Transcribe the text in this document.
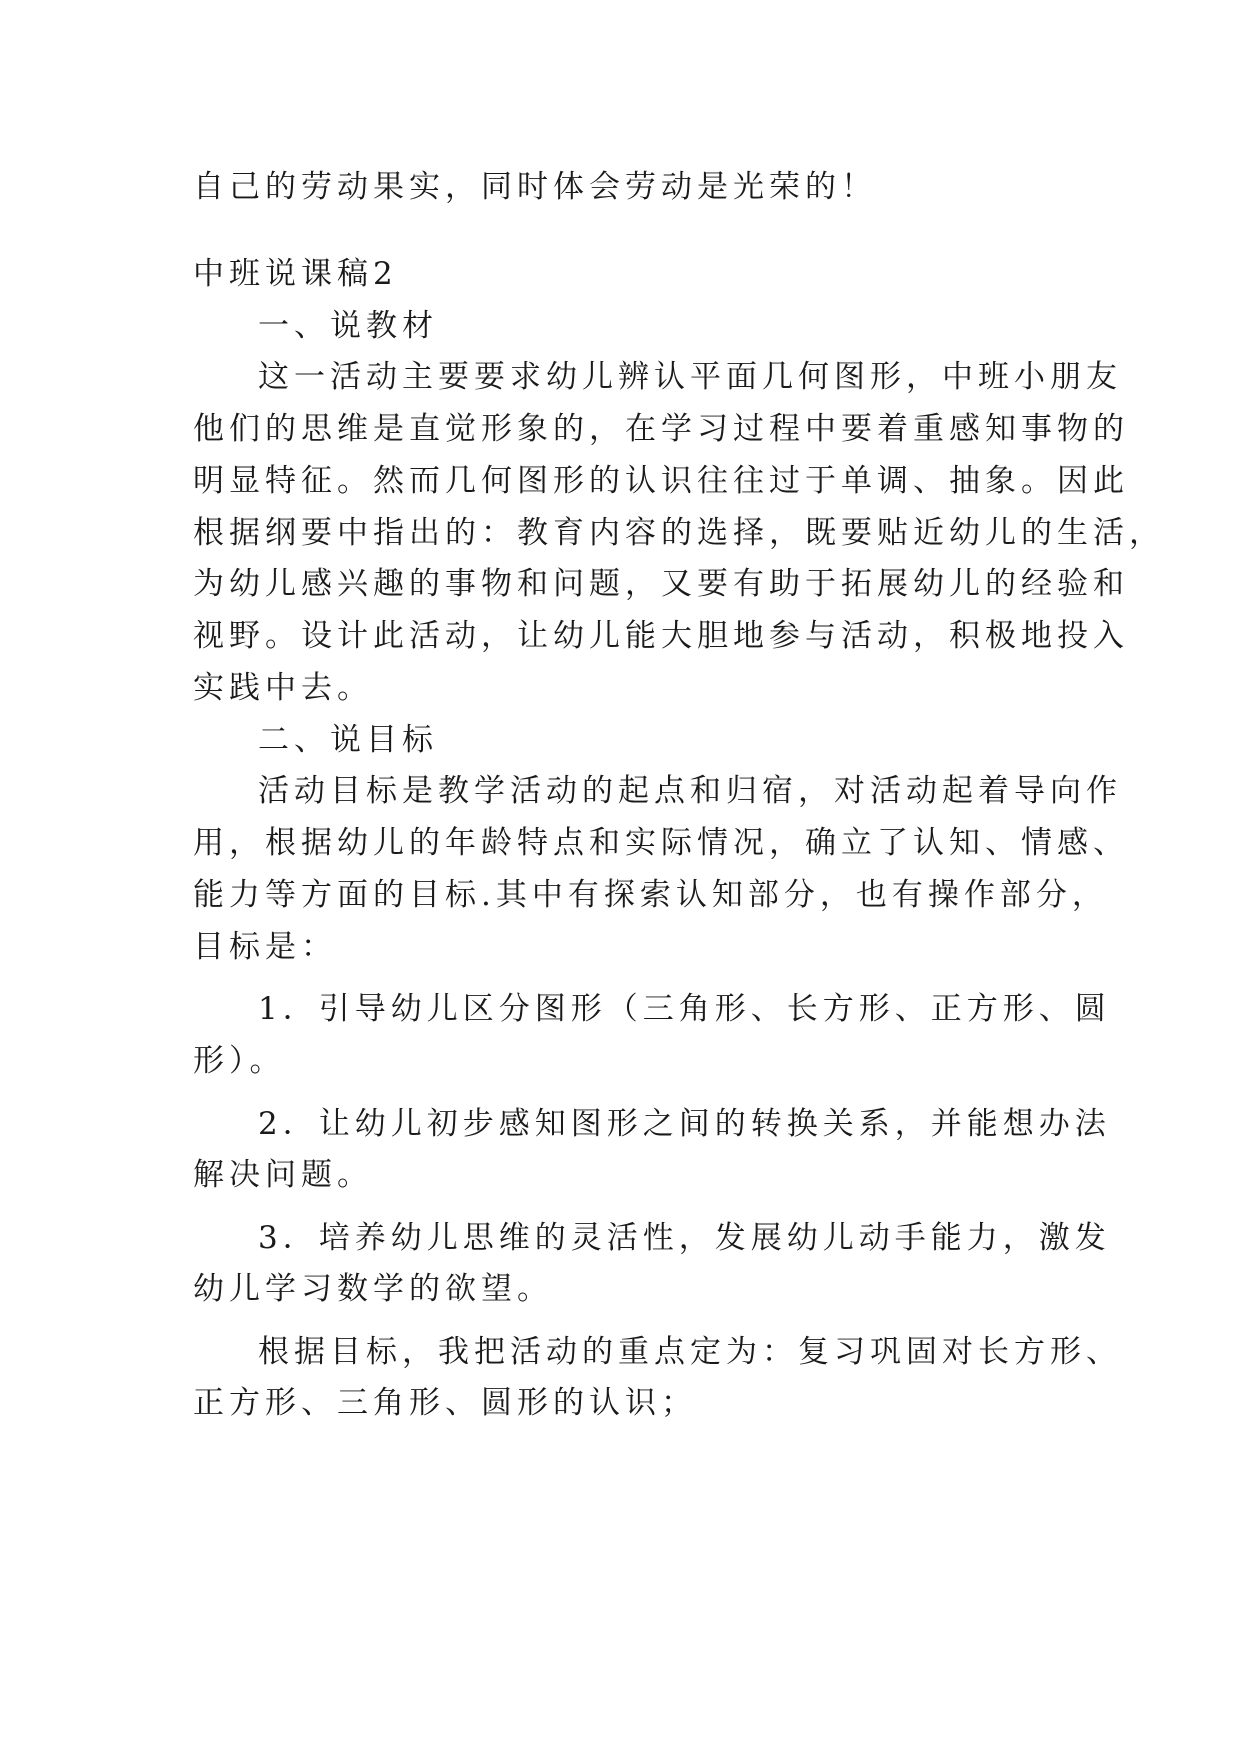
自己的劳动果实，同时体会劳动是光荣的！
中班说课稿2
一、说教材
这一活动主要要求幼儿辨认平面几何图形，中班小朋友
他们的思维是直觉形象的，在学习过程中要着重感知事物的
明显特征。然而几何图形的认识往往过于单调、抽象。因此
根据纲要中指出的：教育内容的选择，既要贴近幼儿的生活，
为幼儿感兴趣的事物和问题，又要有助于拓展幼儿的经验和
视野。设计此活动，让幼儿能大胆地参与活动，积极地投入
实践中去。
二、说目标
活动目标是教学活动的起点和归宿，对活动起着导向作
用，根据幼儿的年龄特点和实际情况，确立了认知、情感、
能力等方面的目标.其中有探索认知部分，也有操作部分，
目标是：
1．引导幼儿区分图形（三角形、长方形、正方形、圆
形）。
2．让幼儿初步感知图形之间的转换关系，并能想办法
解决问题。
3．培养幼儿思维的灵活性，发展幼儿动手能力，激发
幼儿学习数学的欲望。
根据目标，我把活动的重点定为：复习巩固对长方形、
正方形、三角形、圆形的认识；
